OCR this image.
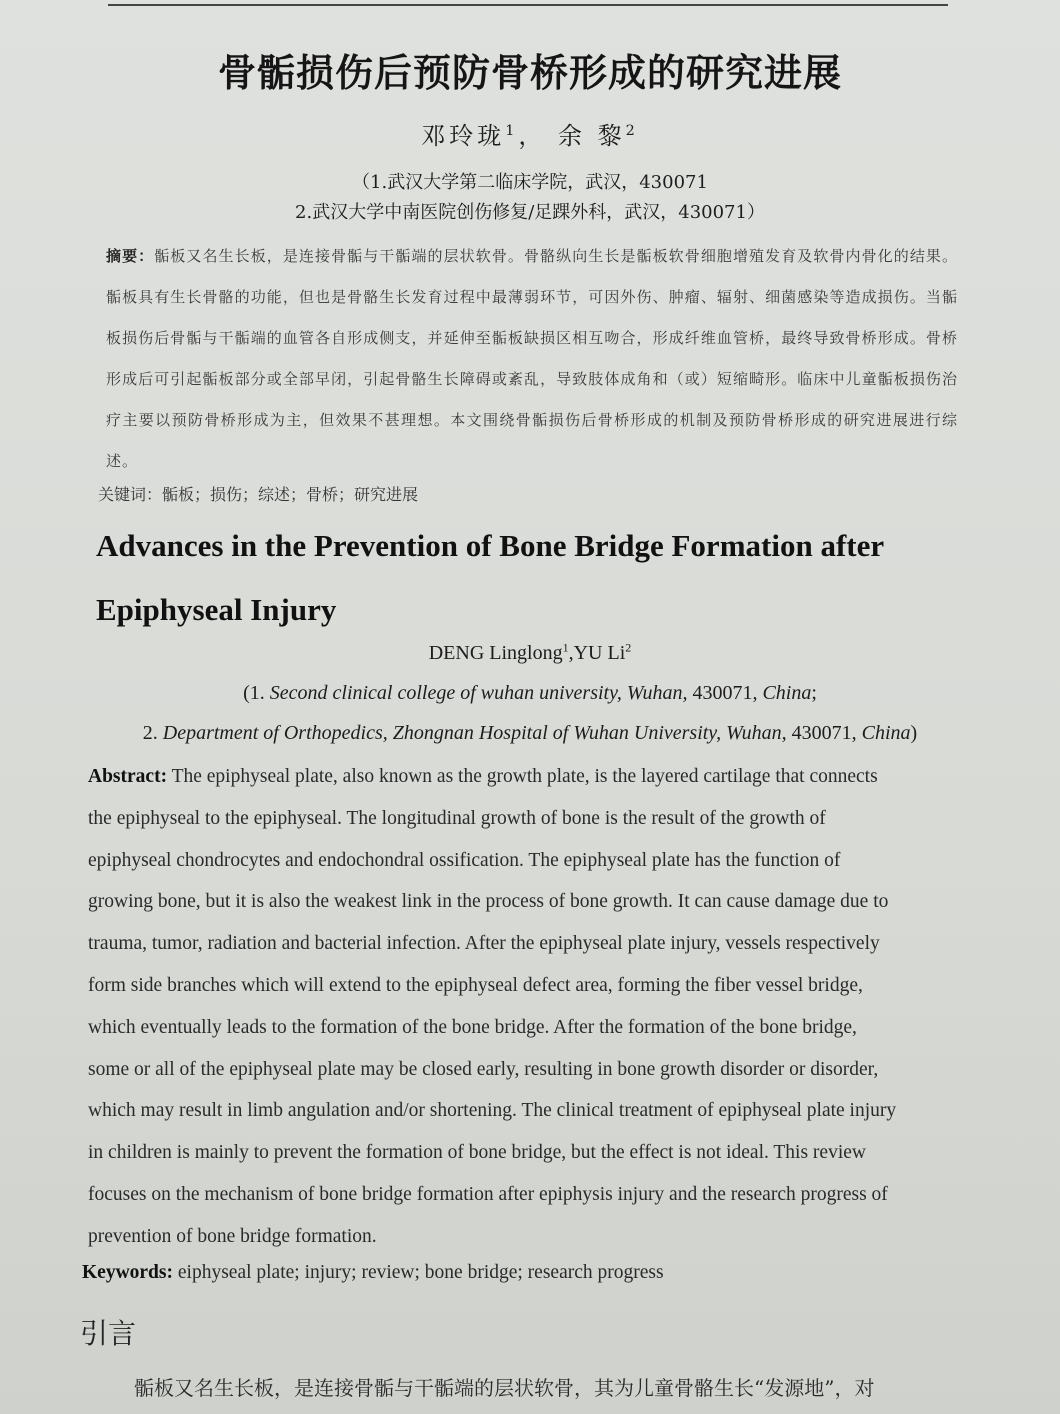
骨骺损伤后预防骨桥形成的研究进展
邓玲珑$^1$， 余 黎$^2$
（1.武汉大学第二临床学院，武汉，430071
2.武汉大学中南医院创伤修复/足踝外科，武汉，430071）
摘要：骺板又名生长板，是连接骨骺与干骺端的层状软骨。骨骼纵向生长是骺板软骨细胞增殖发育及软骨内骨化的结果。骺板具有生长骨骼的功能，但也是骨骼生长发育过程中最薄弱环节，可因外伤、肿瘤、辐射、细菌感染等造成损伤。当骺板损伤后骨骺与干骺端的血管各自形成侧支，并延伸至骺板缺损区相互吻合，形成纤维血管桥，最终导致骨桥形成。骨桥形成后可引起骺板部分或全部早闭，引起骨骼生长障碍或紊乱，导致肢体成角和（或）短缩畸形。临床中儿童骺板损伤治疗主要以预防骨桥形成为主，但效果不甚理想。本文围绕骨骺损伤后骨桥形成的机制及预防骨桥形成的研究进展进行综述。
关键词：骺板；损伤；综述；骨桥；研究进展
Advances in the Prevention of Bone Bridge Formation after
Epiphyseal Injury
DENG Linglong$^1$,YU Li$^2$
(1. Second clinical college of wuhan university, Wuhan, 430071, China;
2. Department of Orthopedics, Zhongnan Hospital of Wuhan University, Wuhan, 430071, China)
Abstract: The epiphyseal plate, also known as the growth plate, is the layered cartilage that connects
the epiphyseal to the epiphyseal. The longitudinal growth of bone is the result of the growth of
epiphyseal chondrocytes and endochondral ossification. The epiphyseal plate has the function of
growing bone, but it is also the weakest link in the process of bone growth. It can cause damage due to
trauma, tumor, radiation and bacterial infection. After the epiphyseal plate injury, vessels respectively
form side branches which will extend to the epiphyseal defect area, forming the fiber vessel bridge,
which eventually leads to the formation of the bone bridge. After the formation of the bone bridge,
some or all of the epiphyseal plate may be closed early, resulting in bone growth disorder or disorder,
which may result in limb angulation and/or shortening. The clinical treatment of epiphyseal plate injury
in children is mainly to prevent the formation of bone bridge, but the effect is not ideal. This review
focuses on the mechanism of bone bridge formation after epiphysis injury and the research progress of
prevention of bone bridge formation.
Keywords: eiphyseal plate; injury; review; bone bridge; research progress
引言
骺板又名生长板，是连接骨骺与干骺端的层状软骨，其为儿童骨骼生长“发源地”，对
